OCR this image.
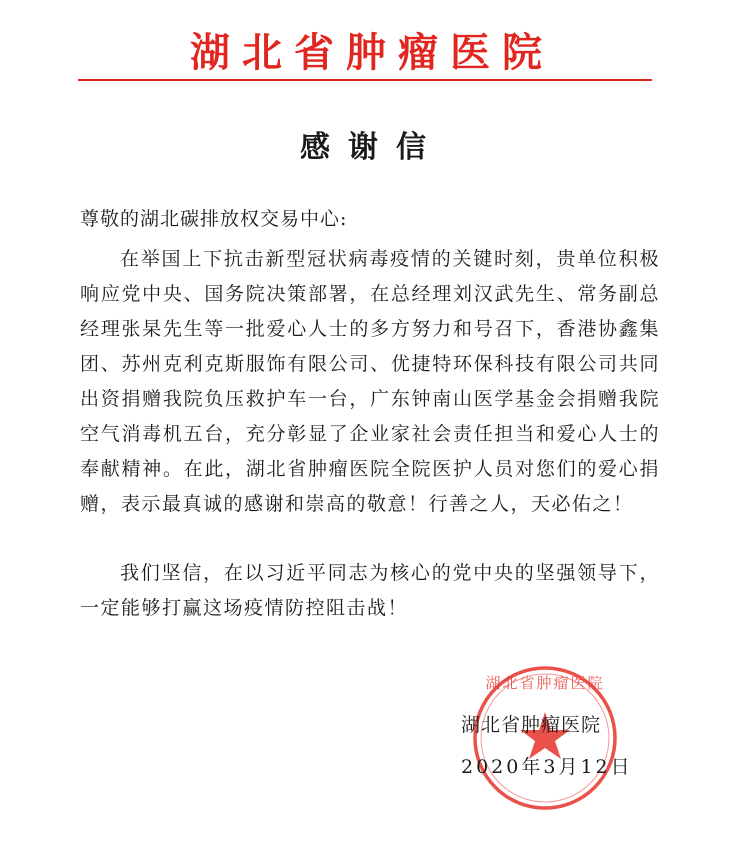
湖北省肿瘤医院
感谢信
尊敬的湖北碳排放权交易中心:

在举国上下抗击新型冠状病毒疫情的关键时刻，贵单位积极响应党中央、国务院决策部署，在总经理刘汉武先生、常务副总经理张杲先生等一批爱心人士的多方努力和号召下，香港协鑫集团、苏州克利克斯服饰有限公司、优捷特环保科技有限公司共同出资捐赠我院负压救护车一台，广东钟南山医学基金会捐赠我院空气消毒机五台，充分彰显了企业家社会责任担当和爱心人士的奉献精神。在此，湖北省肿瘤医院全院医护人员对您们的爱心捐赠，表示最真诚的感谢和崇高的敬意！行善之人，天必佑之！

我们坚信，在以习近平同志为核心的党中央的坚强领导下，一定能够打赢这场疫情防控阻击战！

湖北省肿瘤医院
湖北省肿瘤医院
2020年3月12日
